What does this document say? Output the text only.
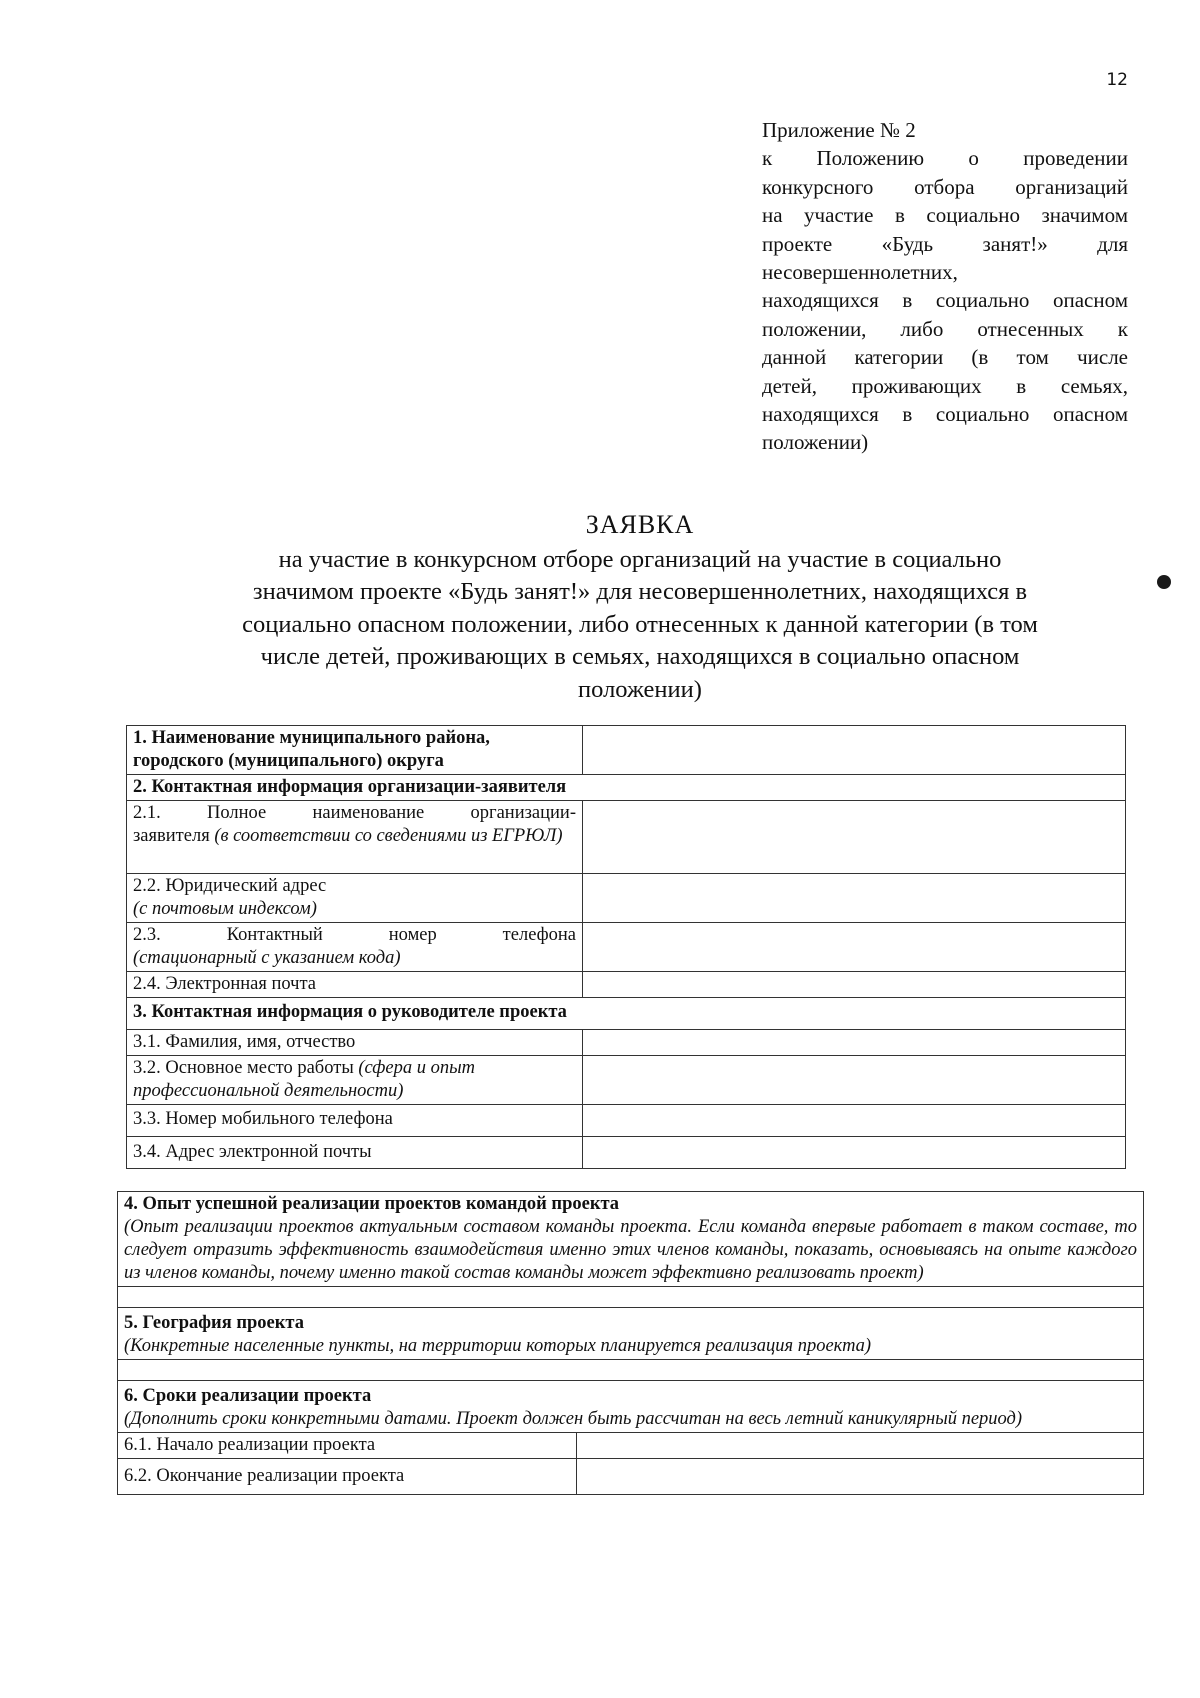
12
Приложение № 2
к Положению о проведении
конкурсного отбора организаций
на участие в социально значимом
проекте «Будь занят!» для
несовершеннолетних,
находящихся в социально опасном
положении, либо отнесенных к
данной категории (в том числе
детей, проживающих в семьях,
находящихся в социально опасном
положении)
ЗАЯВКА
на участие в конкурсном отборе организаций на участие в социально
значимом проекте «Будь занят!» для несовершеннолетних, находящихся в
социально опасном положении, либо отнесенных к данной категории (в том
числе детей, проживающих в семьях, находящихся в социально опасном
положении)
1. Наименование муниципального района,
городского (муниципального) округа	

2. Контактная информация организации-заявителя	

2.1. Полное наименование организации-
заявителя (в соответствии со сведениями из ЕГРЮЛ)	

2.2. Юридический адрес
(с почтовым индексом)	

2.3. Контактный номер телефона
(стационарный с указанием кода)	

2.4. Электронная почта	
3. Контактная информация о руководителе проекта	
3.1. Фамилия, имя, отчество	
3.2. Основное место работы (сфера и опыт профессиональной деятельности)	
3.3. Номер мобильного телефона	
3.4. Адрес электронной почты	
4. Опыт успешной реализации проектов командой проекта
(Опыт реализации проектов актуальным составом команды проекта. Если команда впервые работает в таком составе, то следует отразить эффективность взаимодействия именно этих членов команды, показать, основываясь на опыте каждого из членов команды, почему именно такой состав команды может эффективно реализовать проект)	

5. География проекта
(Конкретные населенные пункты, на территории которых планируется реализация проекта)	

6. Сроки реализации проекта
(Дополнить сроки конкретными датами. Проект должен быть рассчитан на весь летний каникулярный период)	

6.1. Начало реализации проекта	
6.2. Окончание реализации проекта	
